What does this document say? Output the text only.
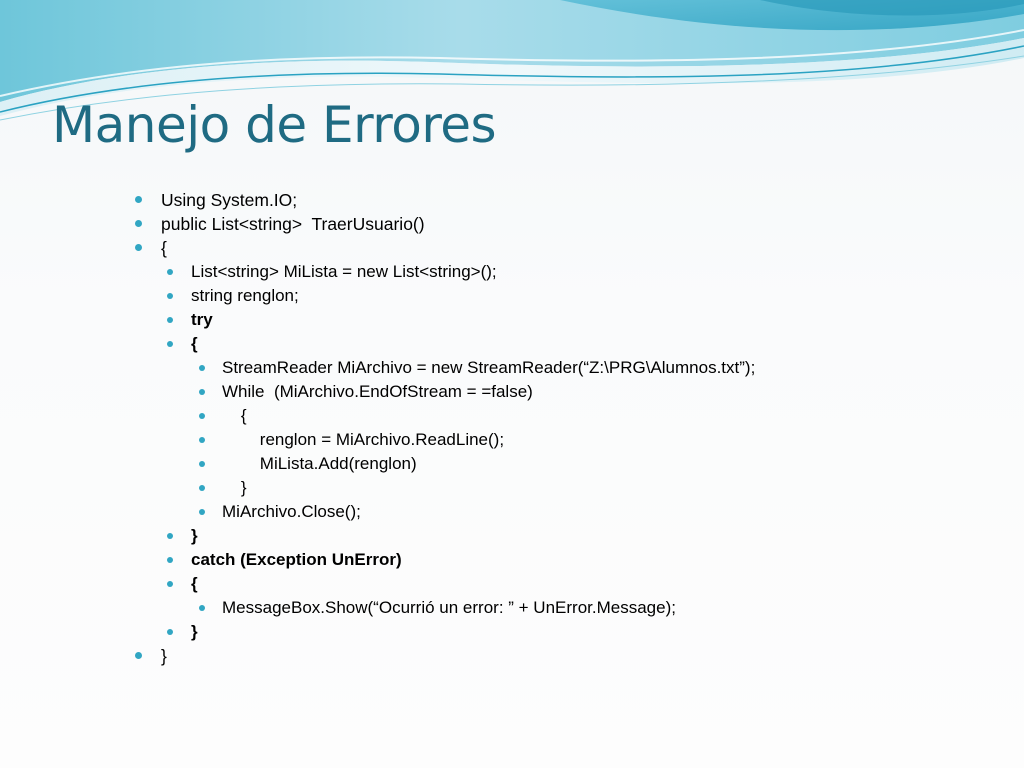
Manejo de Errores
Using System.IO;
public List<string>  TraerUsuario()
{
List<string> MiLista = new List<string>();
string renglon;
try
{
StreamReader MiArchivo = new StreamReader(“Z:\PRG\Alumnos.txt”);
While  (MiArchivo.EndOfStream = =false)
{
renglon = MiArchivo.ReadLine();
MiLista.Add(renglon)
}
MiArchivo.Close();
}
catch (Exception UnError)
{
MessageBox.Show(“Ocurrió un error: ” + UnError.Message);
}
}
